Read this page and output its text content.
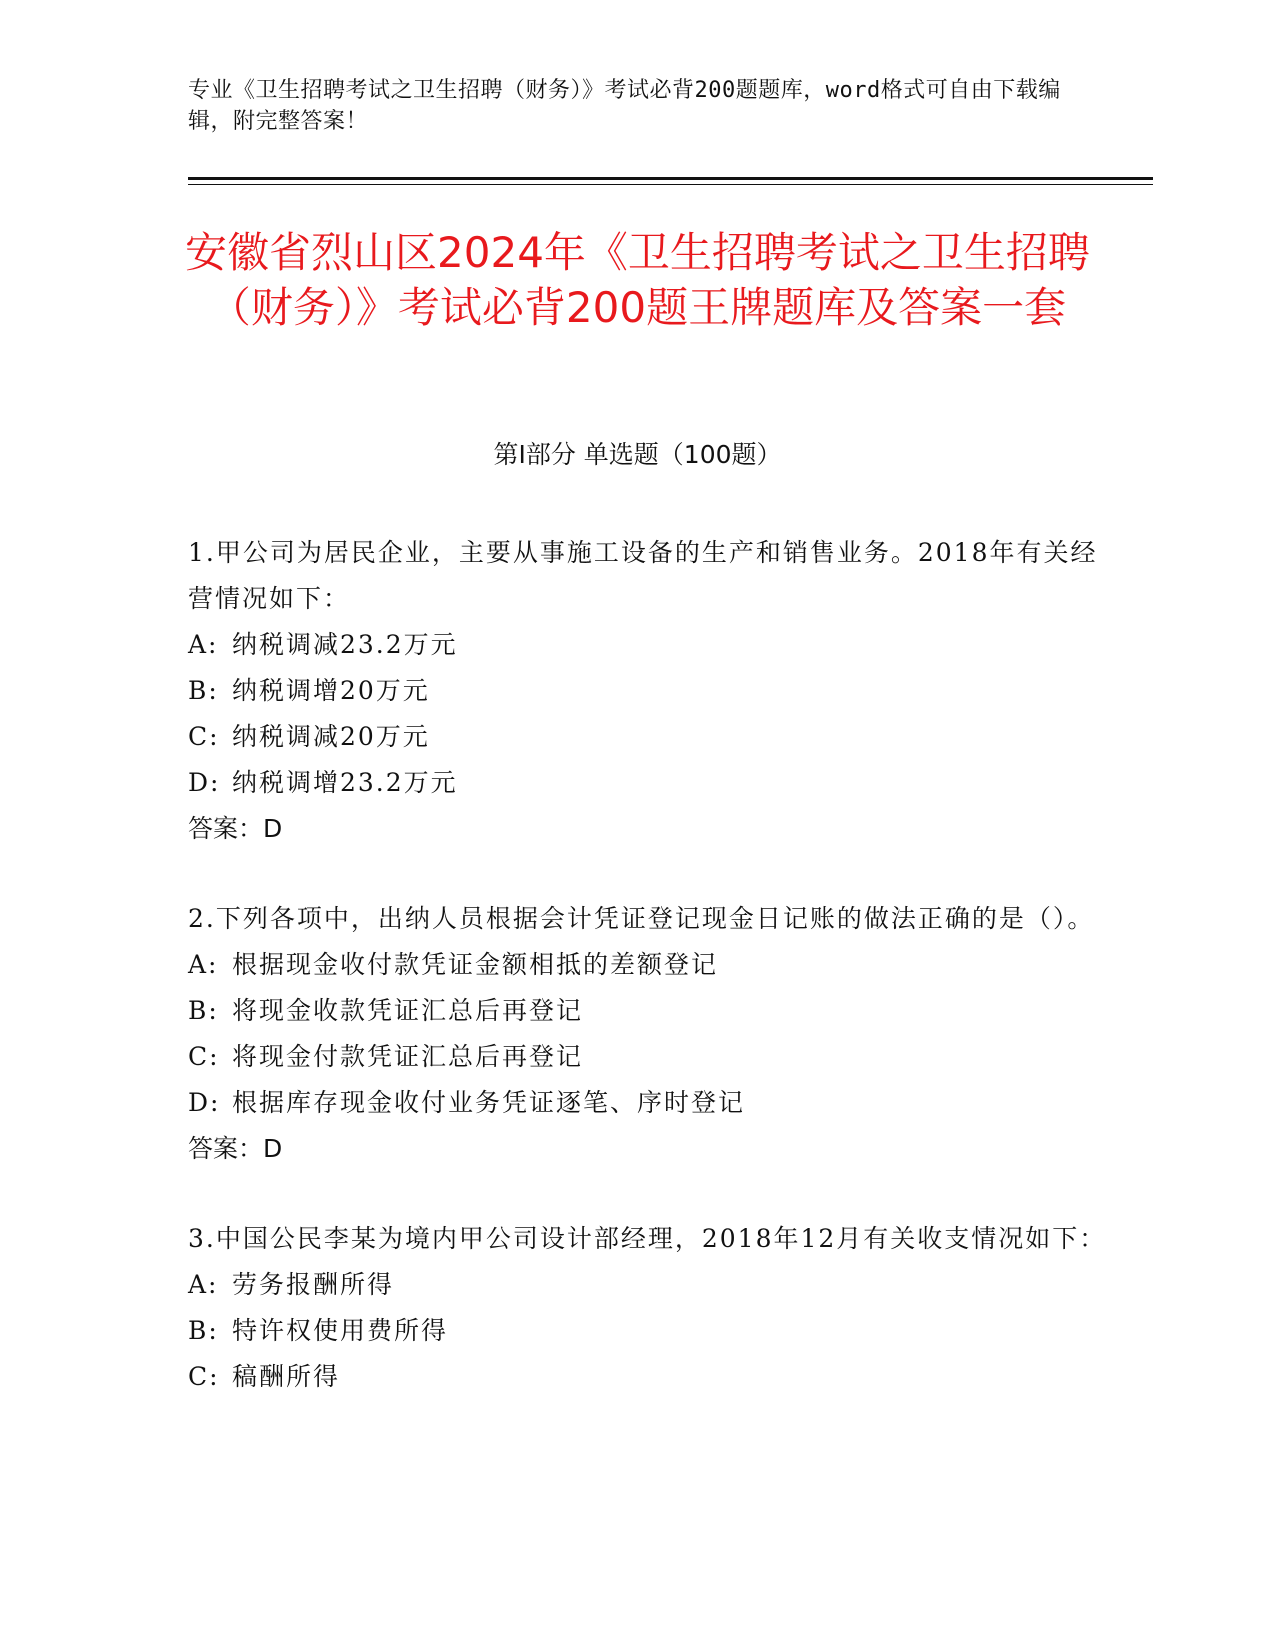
专业《卫生招聘考试之卫生招聘（财务）》考试必背200题题库，word格式可自由下载编辑，附完整答案！
安徽省烈山区2024年《卫生招聘考试之卫生招聘（财务）》考试必背200题王牌题库及答案一套
第I部分 单选题（100题）
1.甲公司为居民企业，主要从事施工设备的生产和销售业务。2018年有关经营情况如下：
A: 纳税调减23.2万元
B: 纳税调增20万元
C: 纳税调减20万元
D: 纳税调增23.2万元
答案：D
2.下列各项中，出纳人员根据会计凭证登记现金日记账的做法正确的是（）。
A: 根据现金收付款凭证金额相抵的差额登记
B: 将现金收款凭证汇总后再登记
C: 将现金付款凭证汇总后再登记
D: 根据库存现金收付业务凭证逐笔、序时登记
答案：D
3.中国公民李某为境内甲公司设计部经理，2018年12月有关收支情况如下：
A: 劳务报酬所得
B: 特许权使用费所得
C: 稿酬所得
